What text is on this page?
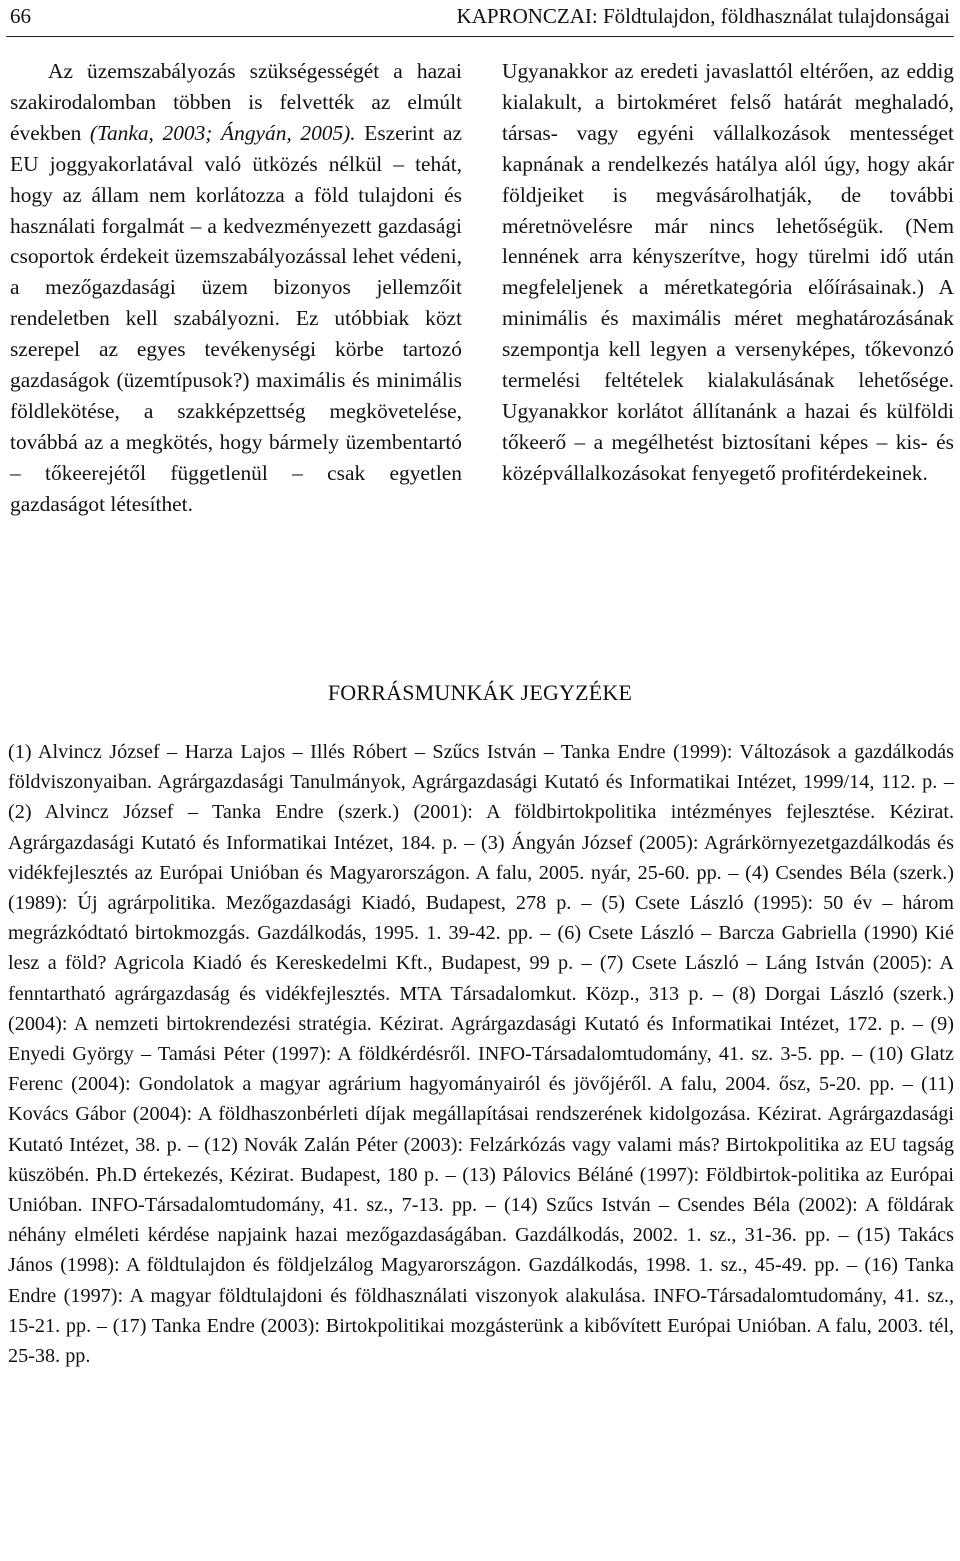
66	KAPRONCZAI: Földtulajdon, földhasználat tulajdonságai

Az üzemszabályozás szükségességét a hazai szakirodalomban többen is felvették az elmúlt években (Tanka, 2003; Ángyán, 2005). Eszerint az EU joggyakorlatával való ütközés nélkül – tehát, hogy az állam nem korlátozza a föld tulajdoni és használati forgalmát – a kedvezményezett gazdasági csoportok érdekeit üzemszabályozással lehet védeni, a mezőgazdasági üzem bizonyos jellemzőit rendeletben kell szabályozni. Ez utóbbiak közt szerepel az egyes tevékenységi körbe tartozó gazdaságok (üzemtípusok?) maximális és minimális földlekötése, a szakképzettség megkövetelése, továbbá az a megkötés, hogy bármely üzembentartó – tőkeerejétől függetlenül – csak egyetlen gazdaságot létesíthet.

Ugyanakkor az eredeti javaslattól eltérően, az eddig kialakult, a birtokméret felső határát meghaladó, társas- vagy egyéni vállalkozások mentességet kapnának a rendelkezés hatálya alól úgy, hogy akár földjeiket is megvásárolhatják, de további méretnövelésre már nincs lehetőségük. (Nem lennének arra kényszerítve, hogy türelmi idő után megfeleljenek a méretkategória előírásainak.) A minimális és maximális méret meghatározásának szempontja kell legyen a versenyképes, tőkevonzó termelési feltételek kialakulásának lehetősége. Ugyanakkor korlátot állítanánk a hazai és külföldi tőkeerő – a megélhetést biztosítani képes – kis- és középvállalkozásokat fenyegető profitérdekeinek.

FORRÁSMUNKÁK JEGYZÉKE

(1) Alvincz József – Harza Lajos – Illés Róbert – Szűcs István – Tanka Endre (1999): Változások a gazdálkodás földviszonyaiban. Agrárgazdasági Tanulmányok, Agrárgazdasági Kutató és Informatikai Intézet, 1999/14, 112. p. – (2) Alvincz József – Tanka Endre (szerk.) (2001): A földbirtokpolitika intézményes fejlesztése. Kézirat. Agrárgazdasági Kutató és Informatikai Intézet, 184. p. – (3) Ángyán József (2005): Agrárkörnyezetgazdálkodás és vidékfejlesztés az Európai Unióban és Magyarországon. A falu, 2005. nyár, 25-60. pp. – (4) Csendes Béla (szerk.) (1989): Új agrárpolitika. Mezőgazdasági Kiadó, Budapest, 278 p. – (5) Csete László (1995): 50 év – három megrázkódtató birtokmozgás. Gazdálkodás, 1995. 1. 39-42. pp. – (6) Csete László – Barcza Gabriella (1990) Kié lesz a föld? Agricola Kiadó és Kereskedelmi Kft., Budapest, 99 p. – (7) Csete László – Láng István (2005): A fenntartható agrárgazdaság és vidékfejlesztés. MTA Társadalomkut. Közp., 313 p. – (8) Dorgai László (szerk.) (2004): A nemzeti birtokrendezési stratégia. Kézirat. Agrárgazdasági Kutató és Informatikai Intézet, 172. p. – (9) Enyedi György – Tamási Péter (1997): A földkérdésről. INFO-Társadalomtudomány, 41. sz. 3-5. pp. – (10) Glatz Ferenc (2004): Gondolatok a magyar agrárium hagyományairól és jövőjéről. A falu, 2004. ősz, 5-20. pp. – (11) Kovács Gábor (2004): A földhaszonbérleti díjak megállapításai rendszerének kidolgozása. Kézirat. Agrárgazdasági Kutató Intézet, 38. p. – (12) Novák Zalán Péter (2003): Felzárkózás vagy valami más? Birtokpolitika az EU tagság küszöbén. Ph.D értekezés, Kézirat. Budapest, 180 p. – (13) Pálovics Béláné (1997): Földbirtok-politika az Európai Unióban. INFO-Társadalomtudomány, 41. sz., 7-13. pp. – (14) Szűcs István – Csendes Béla (2002): A földárak néhány elméleti kérdése napjaink hazai mezőgazdaságában. Gazdálkodás, 2002. 1. sz., 31-36. pp. – (15) Takács János (1998): A földtulajdon és földjelzálog Magyarországon. Gazdálkodás, 1998. 1. sz., 45-49. pp. – (16) Tanka Endre (1997): A magyar földtulajdoni és földhasználati viszonyok alakulása. INFO-Társadalomtudomány, 41. sz., 15-21. pp. – (17) Tanka Endre (2003): Birtokpolitikai mozgásterünk a kibővített Európai Unióban. A falu, 2003. tél, 25-38. pp.
